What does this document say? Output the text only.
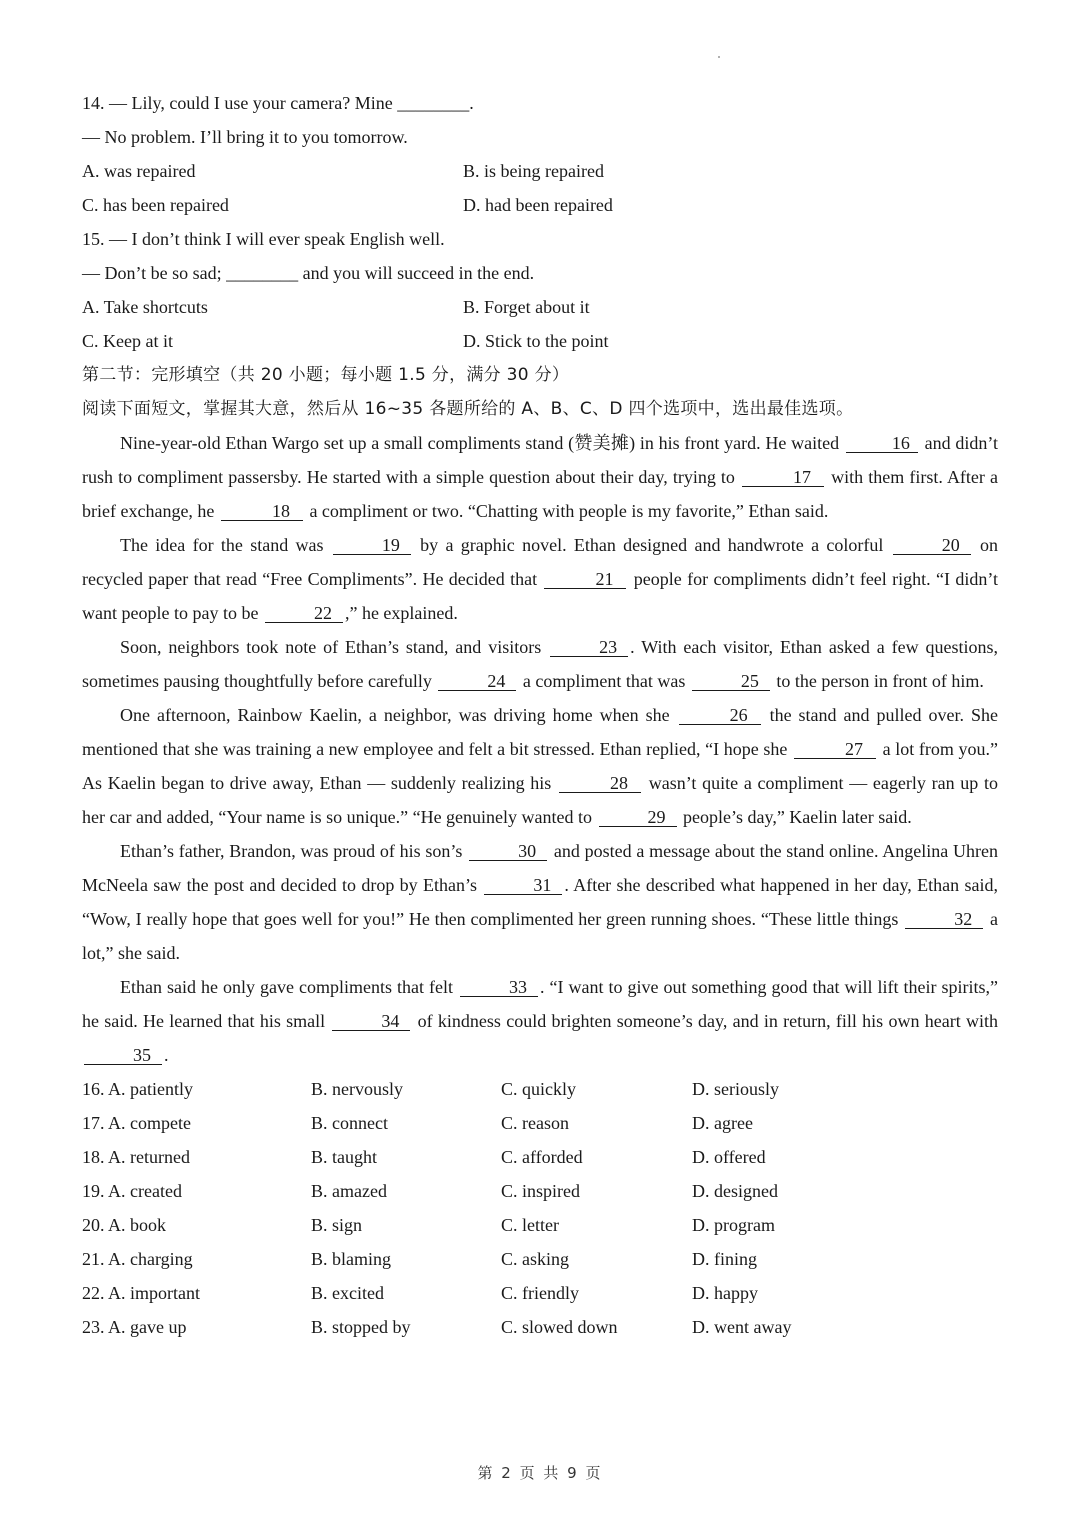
14. — Lily, could I use your camera? Mine ________.
— No problem. I’ll bring it to you tomorrow.
A. was repaired	B. is being repaired
C. has been repaired	D. had been repaired
15. — I don’t think I will ever speak English well.
— Don’t be so sad; ________ and you will succeed in the end.
A. Take shortcuts	B. Forget about it
C. Keep at it	D. Stick to the point
第二节：完形填空（共 20 小题；每小题 1.5 分，满分 30 分）
阅读下面短文，掌握其大意，然后从 16~35 各题所给的 A、B、C、D 四个选项中，选出最佳选项。

Nine-year-old Ethan Wargo set up a small compliments stand (赞美摊) in his front yard. He waited	16 and didn’t rush to compliment passersby. He started with a simple question about their day, trying to	17 with them first. After a brief exchange, he	18 a compliment or two. “Chatting with people is my favorite,” Ethan said.

The idea for the stand was	19 by a graphic novel. Ethan designed and handwrote a colorful	20 on recycled paper that read “Free Compliments”. He decided that	21 people for compliments didn’t feel right. “I didn’t want people to pay to be	22 ,” he explained.

Soon, neighbors took note of Ethan’s stand, and visitors	23 . With each visitor, Ethan asked a few questions, sometimes pausing thoughtfully before carefully	24 a compliment that was	25 to the person in front of him.

One afternoon, Rainbow Kaelin, a neighbor, was driving home when she	26 the stand and pulled over. She mentioned that she was training a new employee and felt a bit stressed. Ethan replied, “I hope she	27 a lot from you.” As Kaelin began to drive away, Ethan — suddenly realizing his	28 wasn’t quite a compliment — eagerly ran up to her car and added, “Your name is so unique.” “He genuinely wanted to	29 people’s day,” Kaelin later said.

Ethan’s father, Brandon, was proud of his son’s	30 and posted a message about the stand online. Angelina Uhren McNeela saw the post and decided to drop by Ethan’s	31 . After she described what happened in her day, Ethan said, “Wow, I really hope that goes well for you!” He then complimented her green running shoes. “These little things	32 a lot,” she said.

Ethan said he only gave compliments that felt	33 . “I want to give out something good that will lift their spirits,” he said. He learned that his small	34 of kindness could brighten someone’s day, and in return, fill his own heart with 35 .

16. A. patiently	B. nervously	C. quickly	D. seriously
17. A. compete	B. connect	C. reason	D. agree
18. A. returned	B. taught	C. afforded	D. offered
19. A. created	B. amazed	C. inspired	D. designed
20. A. book	B. sign	C. letter	D. program
21. A. charging	B. blaming	C. asking	D. fining
22. A. important	B. excited	C. friendly	D. happy
23. A. gave up	B. stopped by	C. slowed down	D. went away
第 2 页 共 9 页
